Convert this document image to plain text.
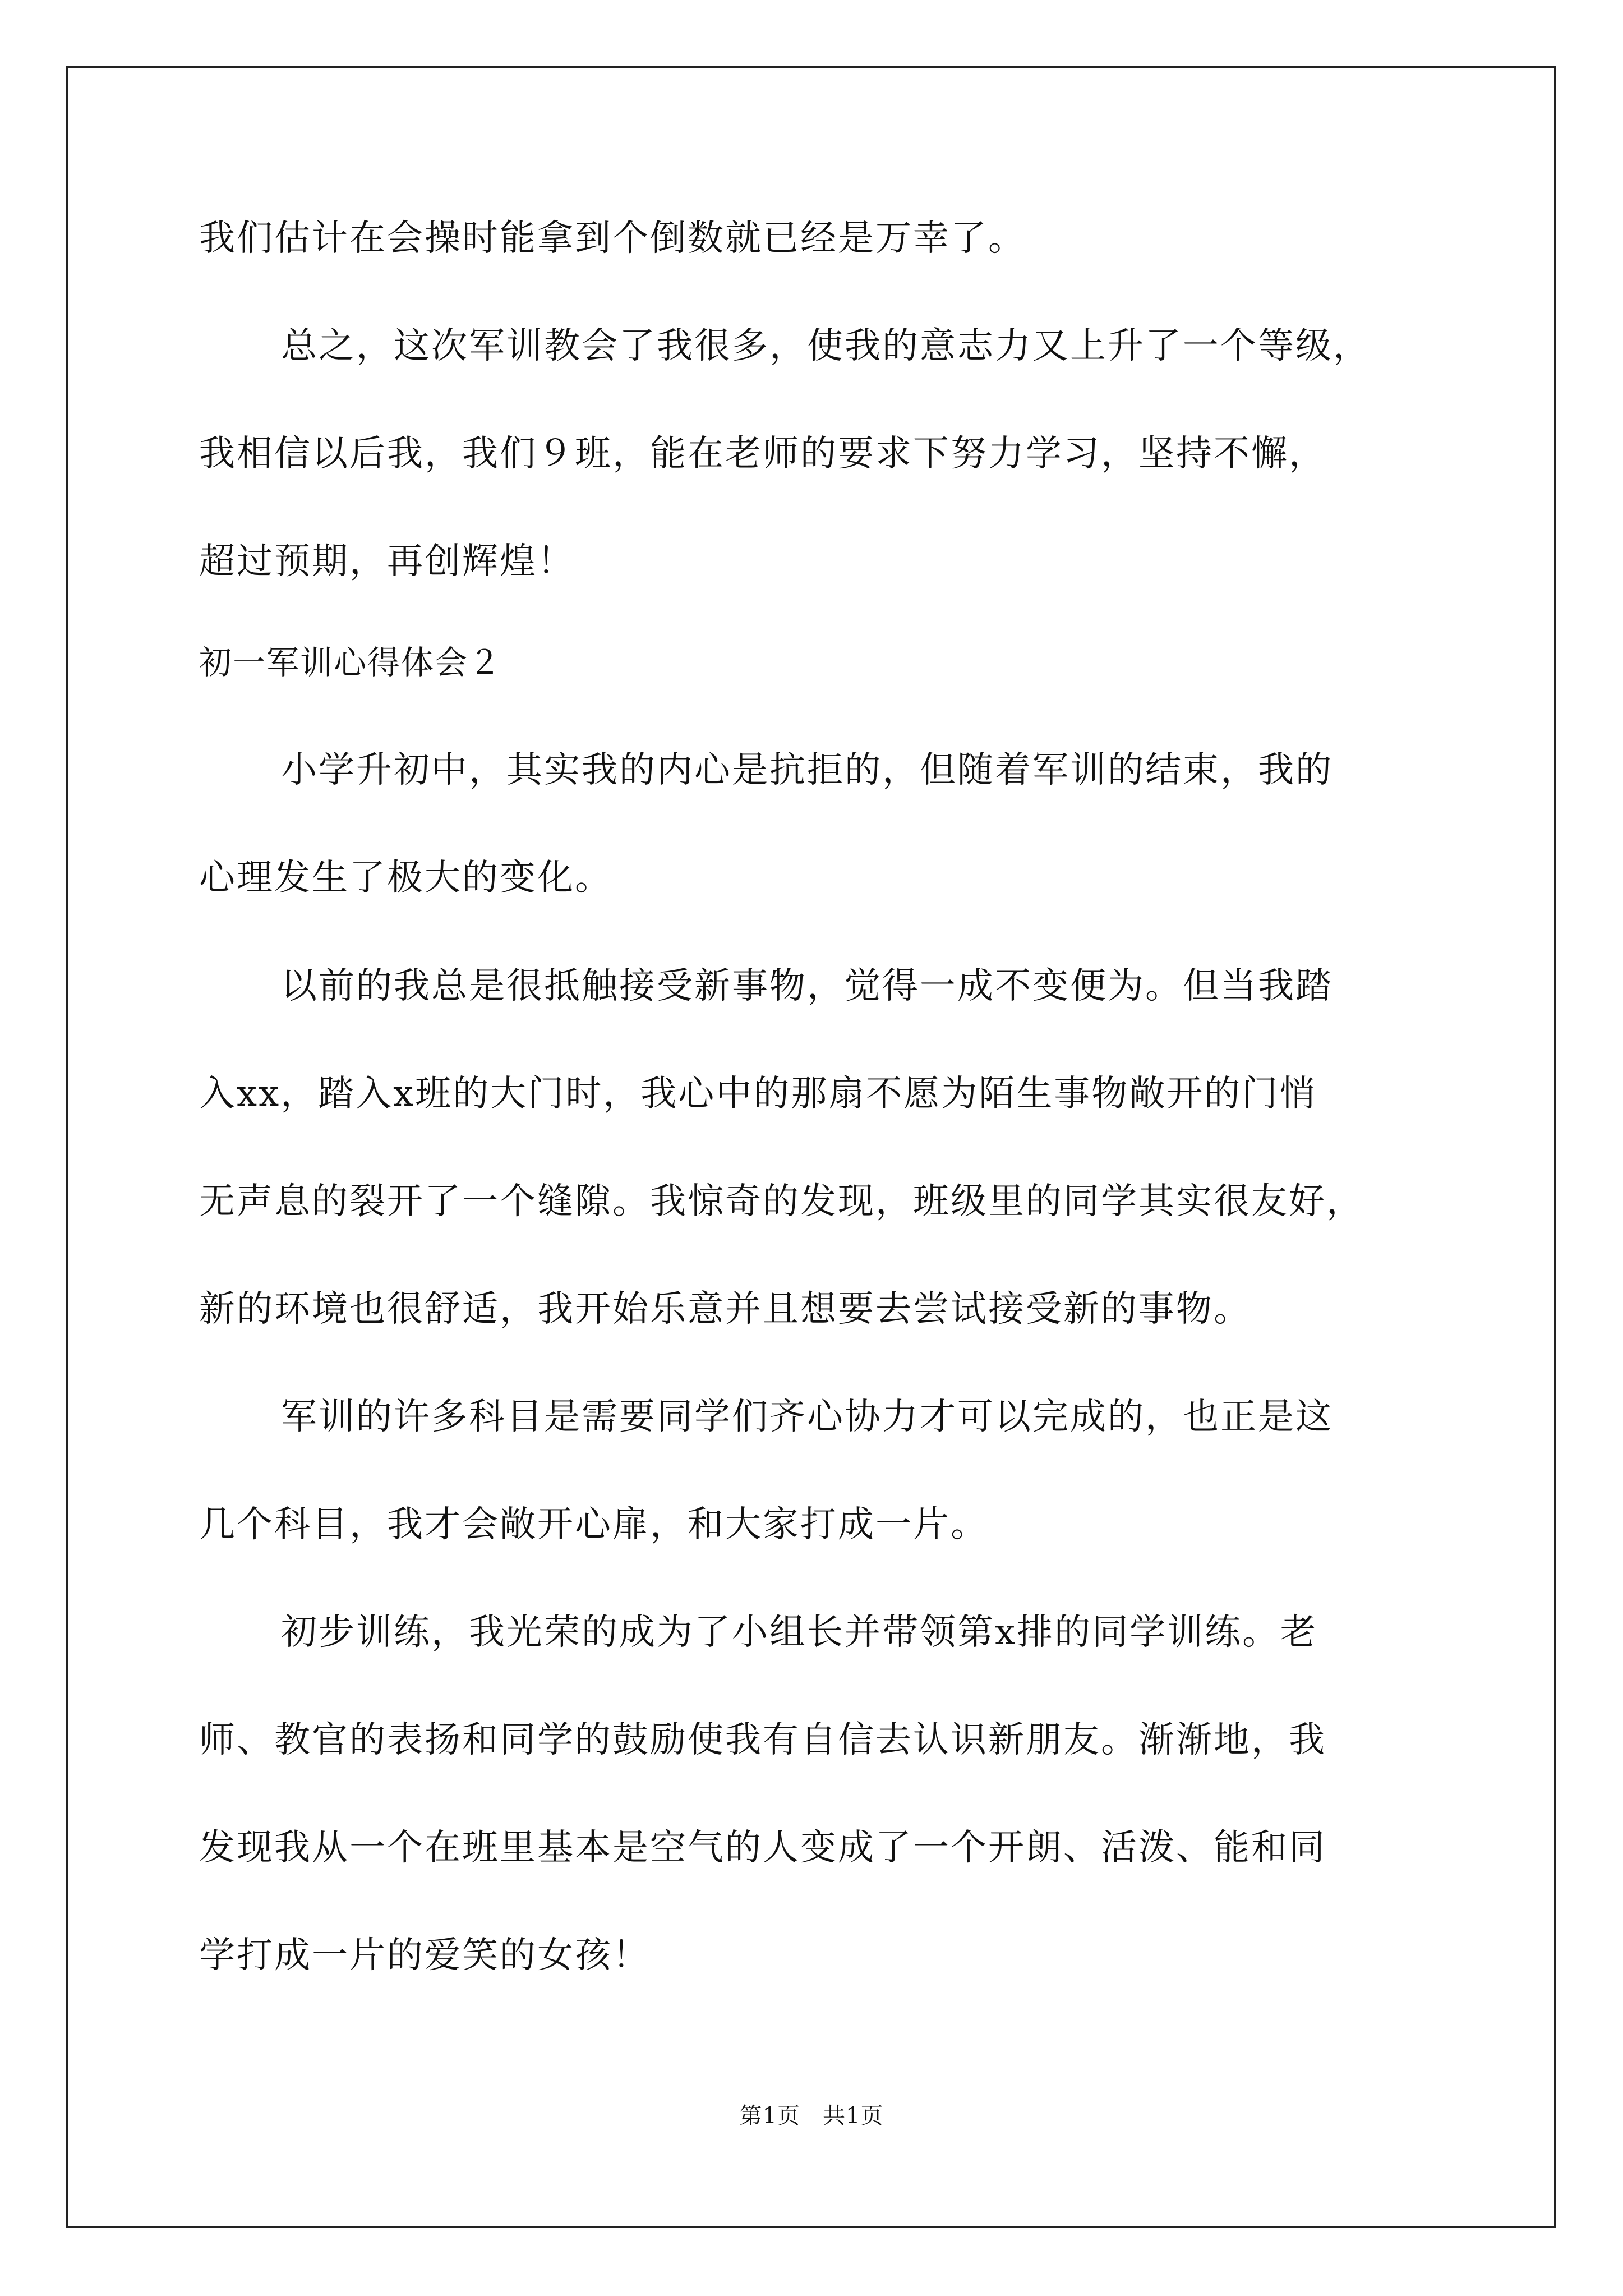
我们估计在会操时能拿到个倒数就已经是万幸了。
总之，这次军训教会了我很多，使我的意志力又上升了一个等级，
我相信以后我，我们９班，能在老师的要求下努力学习，坚持不懈，
超过预期，再创辉煌！
初一军训心得体会２
小学升初中，其实我的内心是抗拒的，但随着军训的结束，我的
心理发生了极大的变化。
以前的我总是很抵触接受新事物，觉得一成不变便为。但当我踏
入xx，踏入x班的大门时，我心中的那扇不愿为陌生事物敞开的门悄
无声息的裂开了一个缝隙。我惊奇的发现，班级里的同学其实很友好，
新的环境也很舒适，我开始乐意并且想要去尝试接受新的事物。
军训的许多科目是需要同学们齐心协力才可以完成的，也正是这
几个科目，我才会敞开心扉，和大家打成一片。
初步训练，我光荣的成为了小组长并带领第x排的同学训练。老
师、教官的表扬和同学的鼓励使我有自信去认识新朋友。渐渐地，我
发现我从一个在班里基本是空气的人变成了一个开朗、活泼、能和同
学打成一片的爱笑的女孩！
第1页 共1页
